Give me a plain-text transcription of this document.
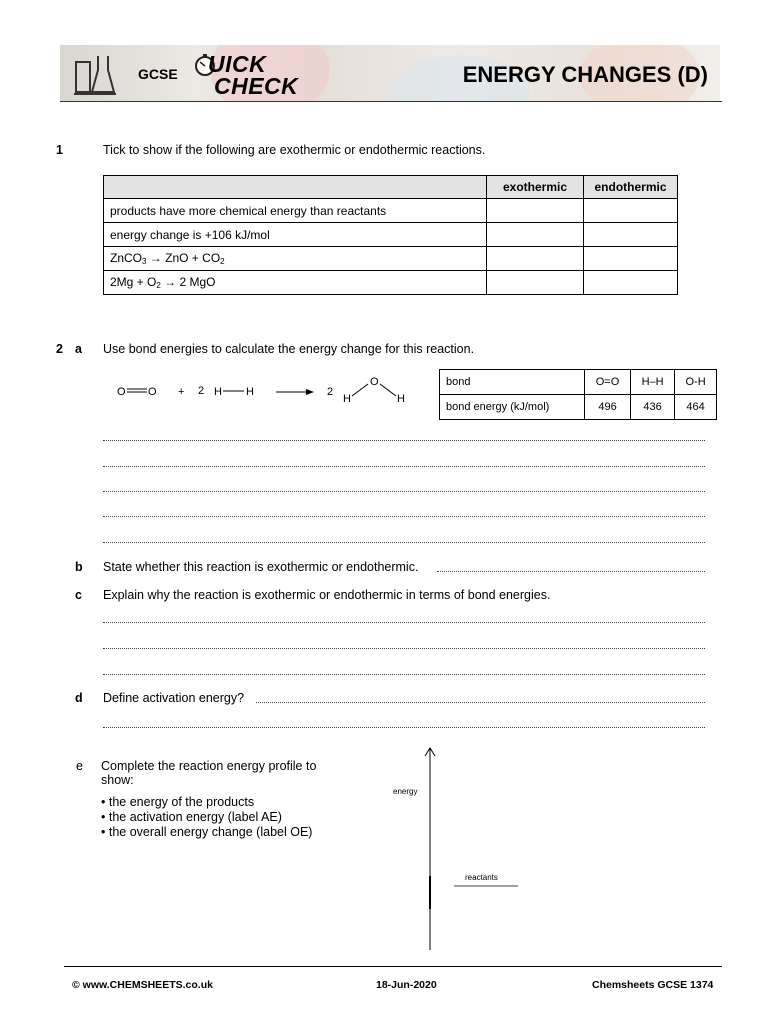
GCSE UICK
CHECK	ENERGY CHANGES (D)
1	Tick to show if the following are exothermic or endothermic reactions.
	exothermic	endothermic
products have more chemical energy than reactants		
energy change is +106 kJ/mol		
ZnCO$_3$ → ZnO + $CO_2$		
$2Mg + O_2 \to 2$ MgO		
2 a Use bond energies to calculate the energy change for this reaction.
O O + 2 H H	2
O
H	H
bond	O=O	H–H	O-H
bond energy (kJ/mol)	496	436	464
b State whether this reaction is exothermic or endothermic.
c Explain why the reaction is exothermic or endothermic in terms of bond energies.
d Define activation energy?
e Complete the reaction energy profile to
show:
• the energy of the products
• the activation energy (label AE)
• the overall energy change (label OE)
energy
reactants
© www.CHEMSHEETS.co.uk	18-Jun-2020	Chemsheets GCSE 1374
